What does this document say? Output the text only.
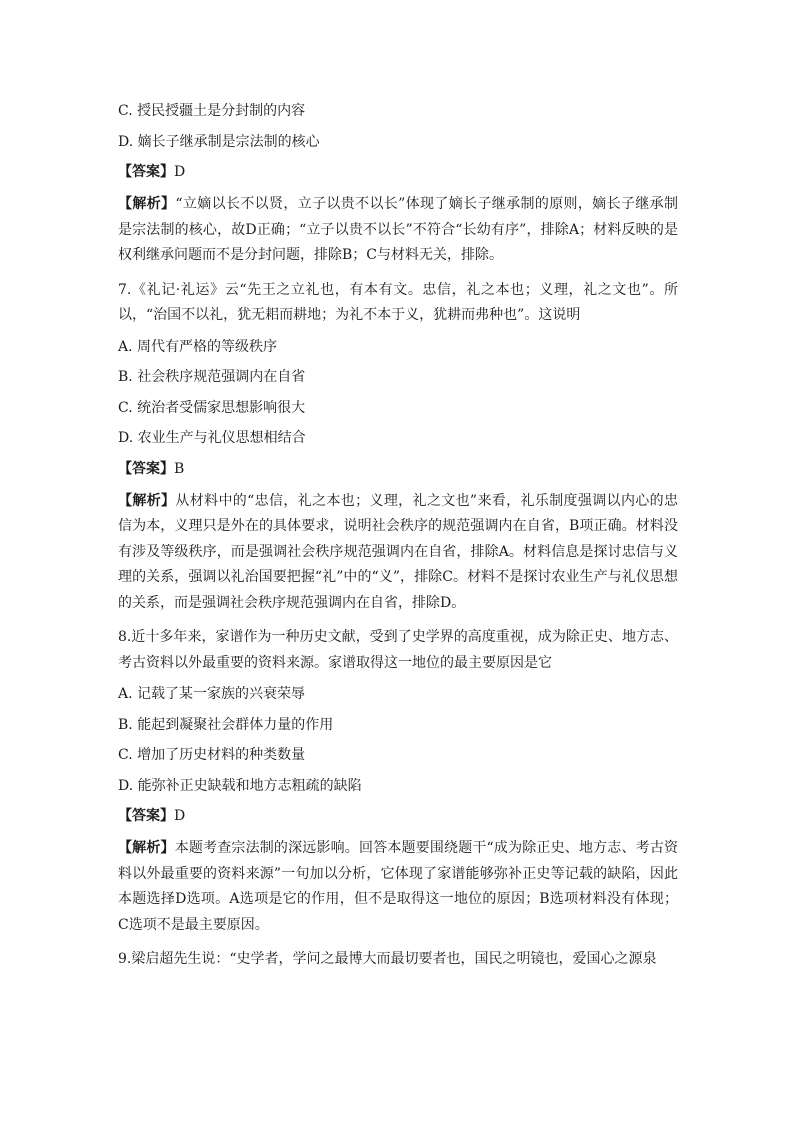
C. 授民授疆土是分封制的内容

D. 嫡长子继承制是宗法制的核心

【答案】D

【解析】“立嫡以长不以贤，立子以贵不以长”体现了嫡长子继承制的原则，嫡长子继承制是宗法制的核心，故D正确；“立子以贵不以长”不符合“长幼有序”，排除A；材料反映的是权利继承问题而不是分封问题，排除B；C与材料无关，排除。

7.《礼记·礼运》云“先王之立礼也，有本有文。忠信，礼之本也；义理，礼之文也”。所以，“治国不以礼，犹无耜而耕地；为礼不本于义，犹耕而弗种也”。这说明

A. 周代有严格的等级秩序

B. 社会秩序规范强调内在自省

C. 统治者受儒家思想影响很大

D. 农业生产与礼仪思想相结合

【答案】B

【解析】从材料中的“忠信，礼之本也；义理，礼之文也”来看，礼乐制度强调以内心的忠信为本，义理只是外在的具体要求，说明社会秩序的规范强调内在自省，B项正确。材料没有涉及等级秩序，而是强调社会秩序规范强调内在自省，排除A。材料信息是探讨忠信与义理的关系，强调以礼治国要把握“礼”中的“义”，排除C。材料不是探讨农业生产与礼仪思想的关系，而是强调社会秩序规范强调内在自省，排除D。

8.近十多年来，家谱作为一种历史文献，受到了史学界的高度重视，成为除正史、地方志、考古资料以外最重要的资料来源。家谱取得这一地位的最主要原因是它

A. 记载了某一家族的兴衰荣辱

B. 能起到凝聚社会群体力量的作用

C. 增加了历史材料的种类数量

D. 能弥补正史缺载和地方志粗疏的缺陷

【答案】D

【解析】本题考查宗法制的深远影响。回答本题要围绕题干“成为除正史、地方志、考古资料以外最重要的资料来源”一句加以分析，它体现了家谱能够弥补正史等记载的缺陷，因此本题选择D选项。A选项是它的作用，但不是取得这一地位的原因；B选项材料没有体现；C选项不是最主要原因。

9.梁启超先生说：“史学者，学问之最博大而最切要者也，国民之明镜也，爱国心之源泉
